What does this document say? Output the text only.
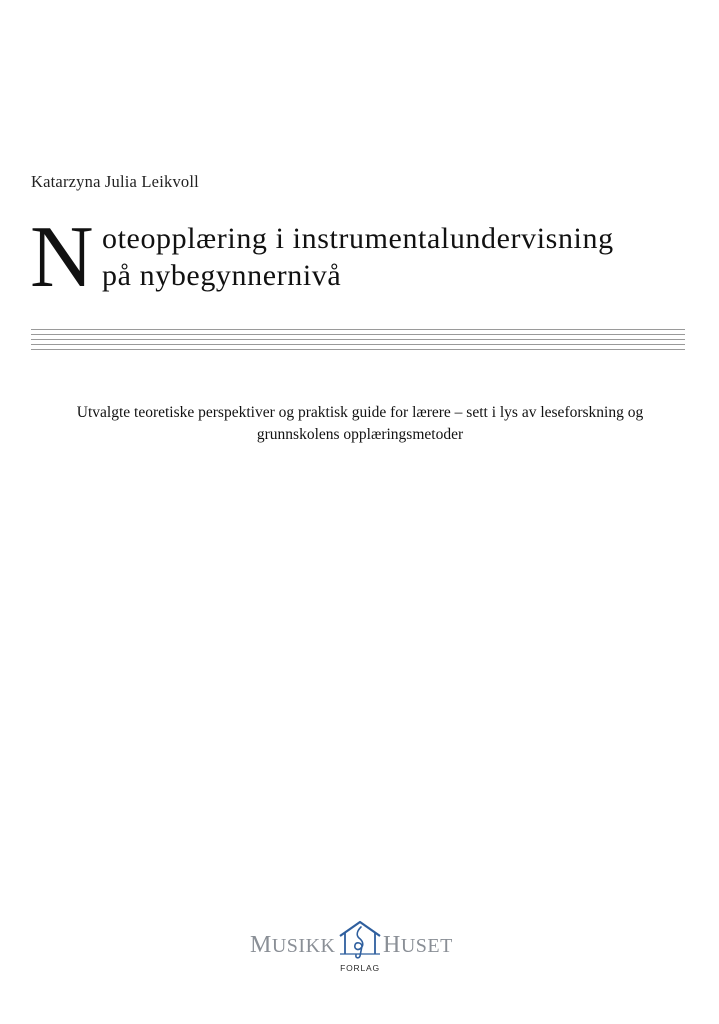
Katarzyna Julia Leikvoll
N oteopplæring i instrumentalundervisning
på nybegynnernivå
Utvalgte teoretiske perspektiver og praktisk guide for lærere – sett i lys av leseforskning og
grunnskolens opplæringsmetoder
MUSIKK HUSET
FORLAG
